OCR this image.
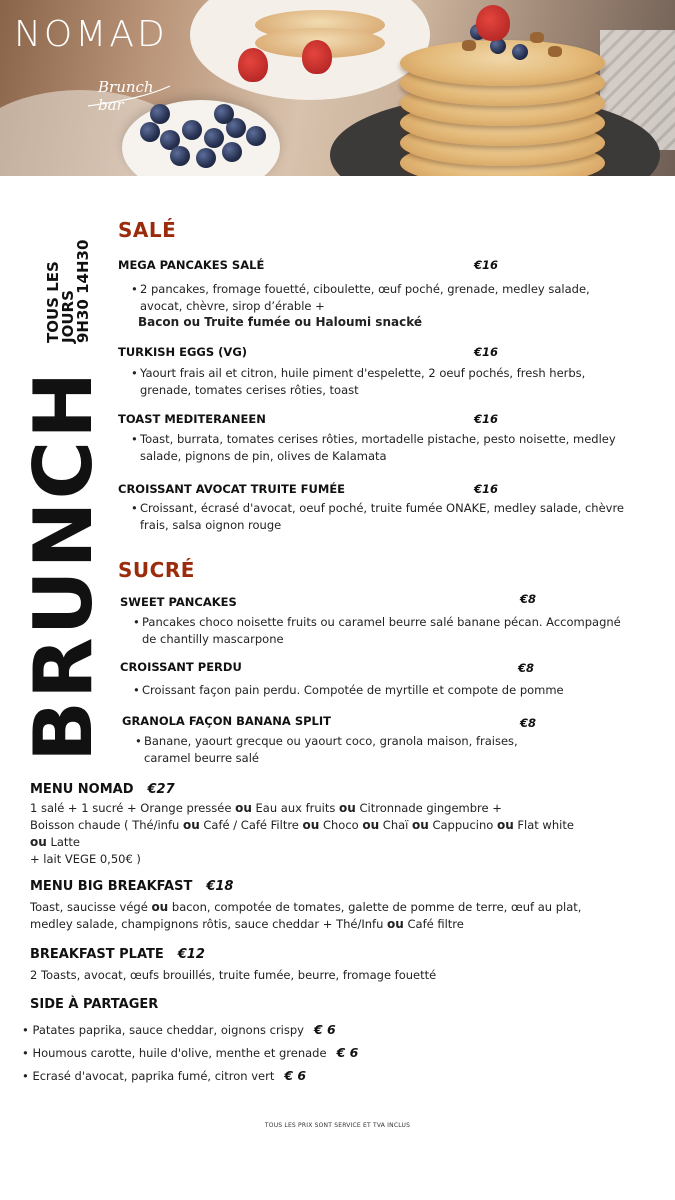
NOMAD
Brunch bar
BRUNCH
TOUS LES JOURS
9H30 14H30
SALÉ
MEGA PANCAKES SALÉ	€16
• 2 pancakes, fromage fouetté, ciboulette, œuf poché, grenade, medley salade, avocat, chèvre, sirop d’érable +
Bacon ou Truite fumée ou Haloumi snacké
TURKISH EGGS (VG)	€16
• Yaourt frais ail et citron, huile piment d'espelette, 2 oeuf pochés, fresh herbs, grenade, tomates cerises rôties, toast
TOAST MEDITERANEEN	€16
• Toast, burrata, tomates cerises rôties, mortadelle pistache, pesto noisette, medley salade, pignons de pin, olives de Kalamata
CROISSANT AVOCAT TRUITE FUMÉE	€16
• Croissant, écrasé d'avocat, oeuf poché, truite fumée ONAKE, medley salade, chèvre frais, salsa oignon rouge
SUCRÉ
SWEET PANCAKES	€8
• Pancakes choco noisette fruits ou caramel beurre salé banane pécan. Accompagné de chantilly mascarpone
CROISSANT PERDU	€8
• Croissant façon pain perdu. Compotée de myrtille et compote de pomme
GRANOLA FAÇON BANANA SPLIT	€8
• Banane, yaourt grecque ou yaourt coco, granola maison, fraises, caramel beurre salé
MENU NOMAD €27
1 salé + 1 sucré + Orange pressée ou Eau aux fruits ou Citronnade gingembre +
Boisson chaude ( Thé/infu ou Café / Café Filtre ou Choco ou Chaï ou Cappucino ou Flat white
ou Latte
+ lait VEGE 0,50€ )
MENU BIG BREAKFAST €18
Toast, saucisse végé ou bacon, compotée de tomates, galette de pomme de terre, œuf au plat,
medley salade, champignons rôtis, sauce cheddar + Thé/Infu ou Café filtre
BREAKFAST PLATE €12
2 Toasts, avocat, œufs brouillés, truite fumée, beurre, fromage fouetté
SIDE À PARTAGER
• Patates paprika, sauce cheddar, oignons crispy € 6
• Houmous carotte, huile d'olive, menthe et grenade € 6
• Ecrasé d'avocat, paprika fumé, citron vert € 6
TOUS LES PRIX SONT SERVICE ET TVA INCLUS
